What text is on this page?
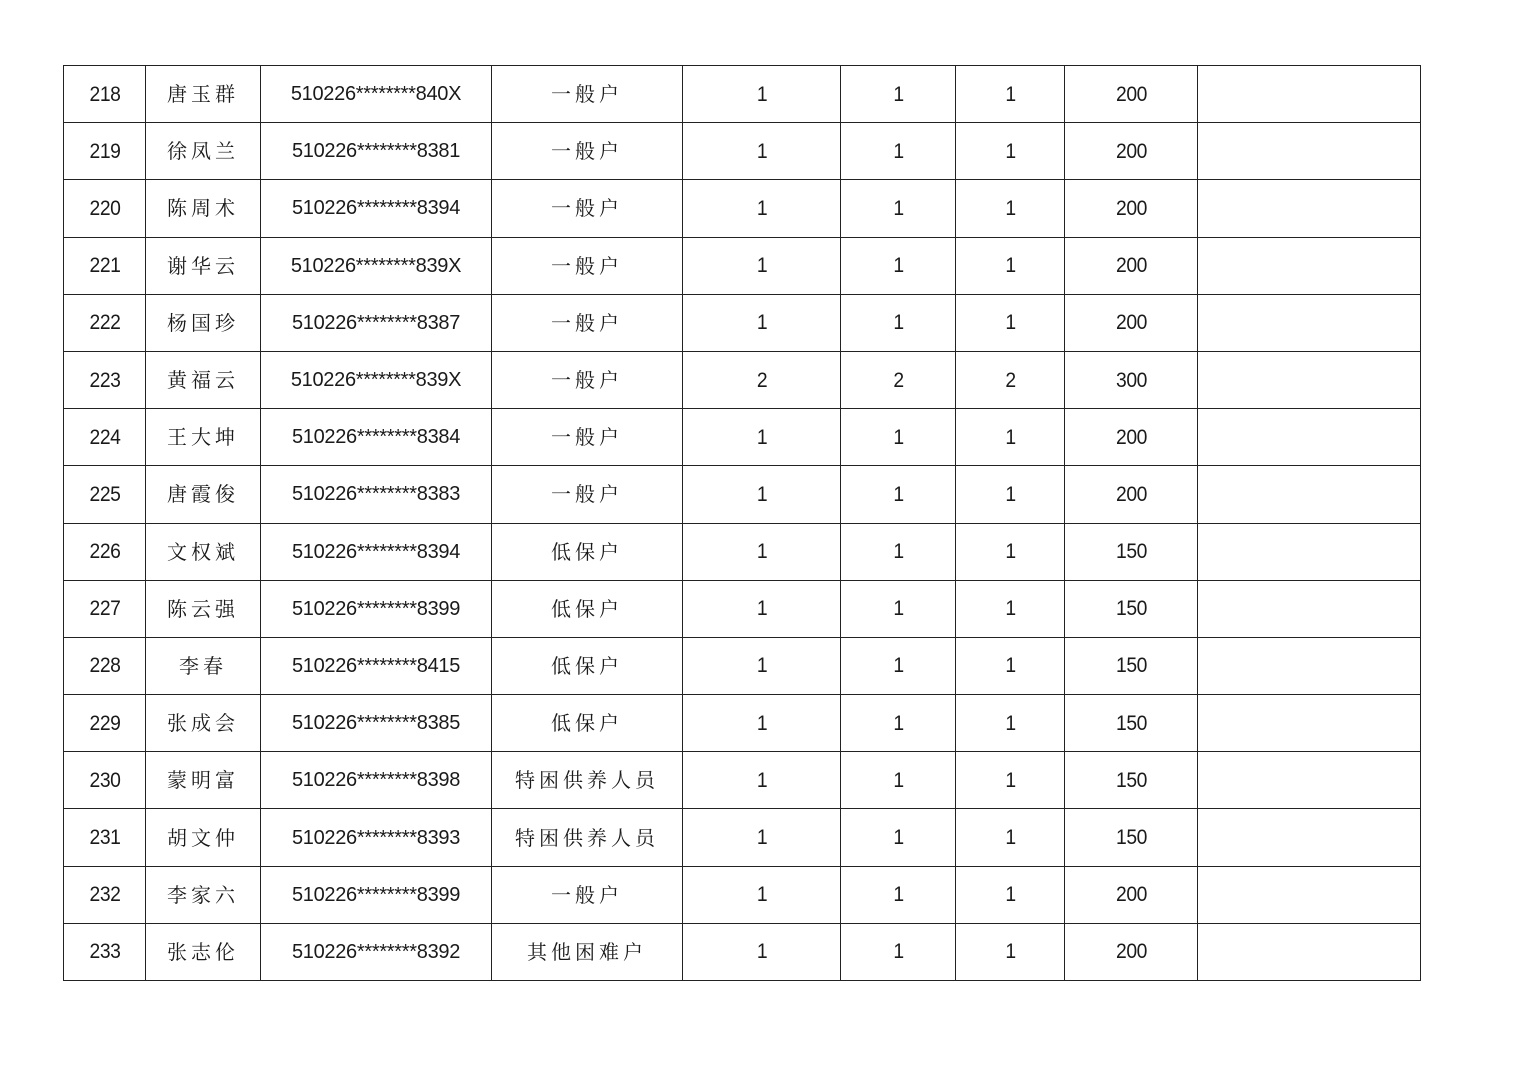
218	唐玉群	510226********840X	一般户	1	1	1	200	
219	徐凤兰	510226********8381	一般户	1	1	1	200	
220	陈周术	510226********8394	一般户	1	1	1	200	
221	谢华云	510226********839X	一般户	1	1	1	200	
222	杨国珍	510226********8387	一般户	1	1	1	200	
223	黄福云	510226********839X	一般户	2	2	2	300	
224	王大坤	510226********8384	一般户	1	1	1	200	
225	唐霞俊	510226********8383	一般户	1	1	1	200	
226	文权斌	510226********8394	低保户	1	1	1	150	
227	陈云强	510226********8399	低保户	1	1	1	150	
228	李春	510226********8415	低保户	1	1	1	150	
229	张成会	510226********8385	低保户	1	1	1	150	
230	蒙明富	510226********8398	特困供养人员	1	1	1	150	
231	胡文仲	510226********8393	特困供养人员	1	1	1	150	
232	李家六	510226********8399	一般户	1	1	1	200	
233	张志伦	510226********8392	其他困难户	1	1	1	200	
